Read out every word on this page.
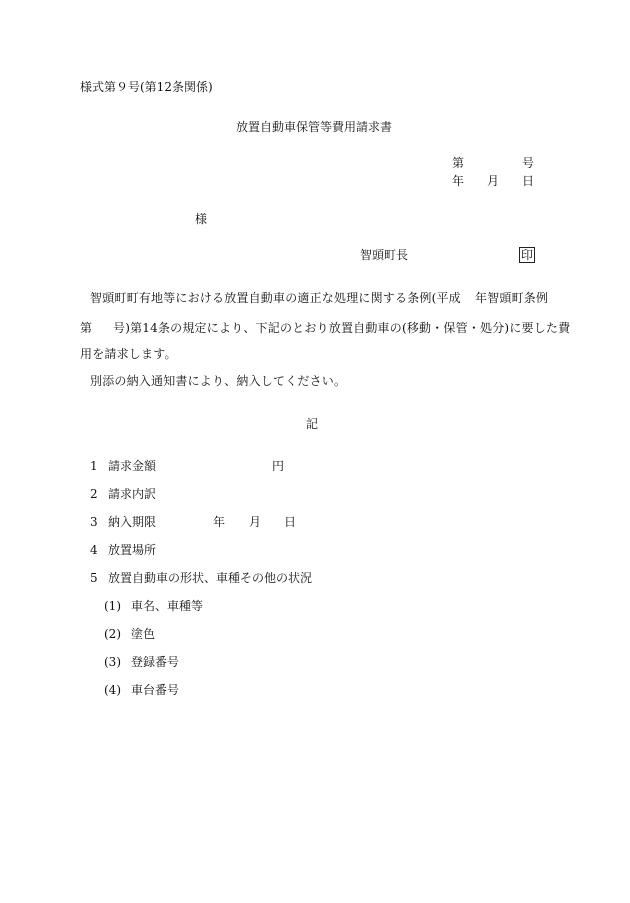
様式第９号(第12条関係)
放置自動車保管等費用請求書
第	号
年 月 日
様
智頭町長	印
智頭町町有地等における放置自動車の適正な処理に関する条例(平成 年智頭町条例
第 号)第14条の規定により、下記のとおり放置自動車の(移動・保管・処分)に要した費
用を請求します。
別添の納入通知書により、納入してください。
記
1 請求金額	円
2 請求内訳
3 納入期限	年 月 日
4 放置場所
5 放置自動車の形状、車種その他の状況
(1) 車名、車種等
(2) 塗色
(3) 登録番号
(4) 車台番号
